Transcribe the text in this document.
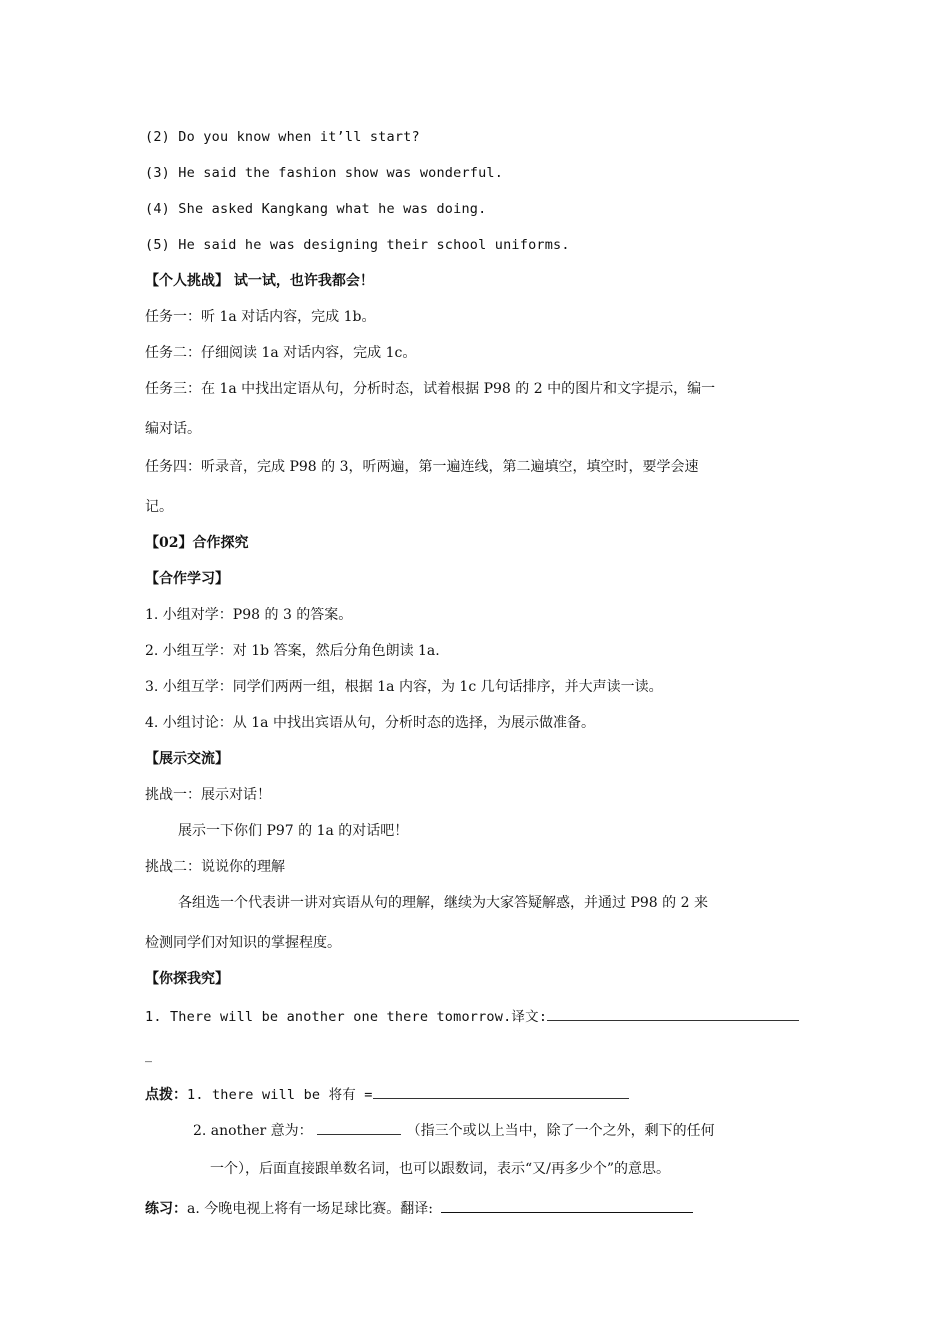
(2) Do you know when it’ll start?
(3) He said the fashion show was wonderful.
(4) She asked Kangkang what he was doing.
(5) He said he was designing their school uniforms.
【个人挑战】 试一试，也许我都会！
任务一：听 1a 对话内容，完成 1b。
任务二：仔细阅读 1a 对话内容，完成 1c。
任务三：在 1a 中找出定语从句，分析时态，试着根据 P98 的 2 中的图片和文字提示，编一
编对话。
任务四：听录音，完成 P98 的 3，听两遍，第一遍连线，第二遍填空，填空时，要学会速
记。
【02】合作探究
【合作学习】
1. 小组对学：P98 的 3 的答案。
2. 小组互学：对 1b 答案，然后分角色朗读 1a.
3. 小组互学：同学们两两一组，根据 1a 内容，为 1c 几句话排序，并大声读一读。
4. 小组讨论：从 1a 中找出宾语从句，分析时态的选择，为展示做准备。
【展示交流】
挑战一：展示对话！
展示一下你们 P97 的 1a 的对话吧！
挑战二：说说你的理解
各组选一个代表讲一讲对宾语从句的理解，继续为大家答疑解惑，并通过 P98 的 2 来
检测同学们对知识的掌握程度。
【你探我究】
1. There will be another one there tomorrow.译文:
_
点拨：1. there will be 将有 =
2. another 意为：	（指三个或以上当中，除了一个之外，剩下的任何
一个），后面直接跟单数名词，也可以跟数词，表示“又/再多少个”的意思。
练习：a. 今晚电视上将有一场足球比赛。翻译:
